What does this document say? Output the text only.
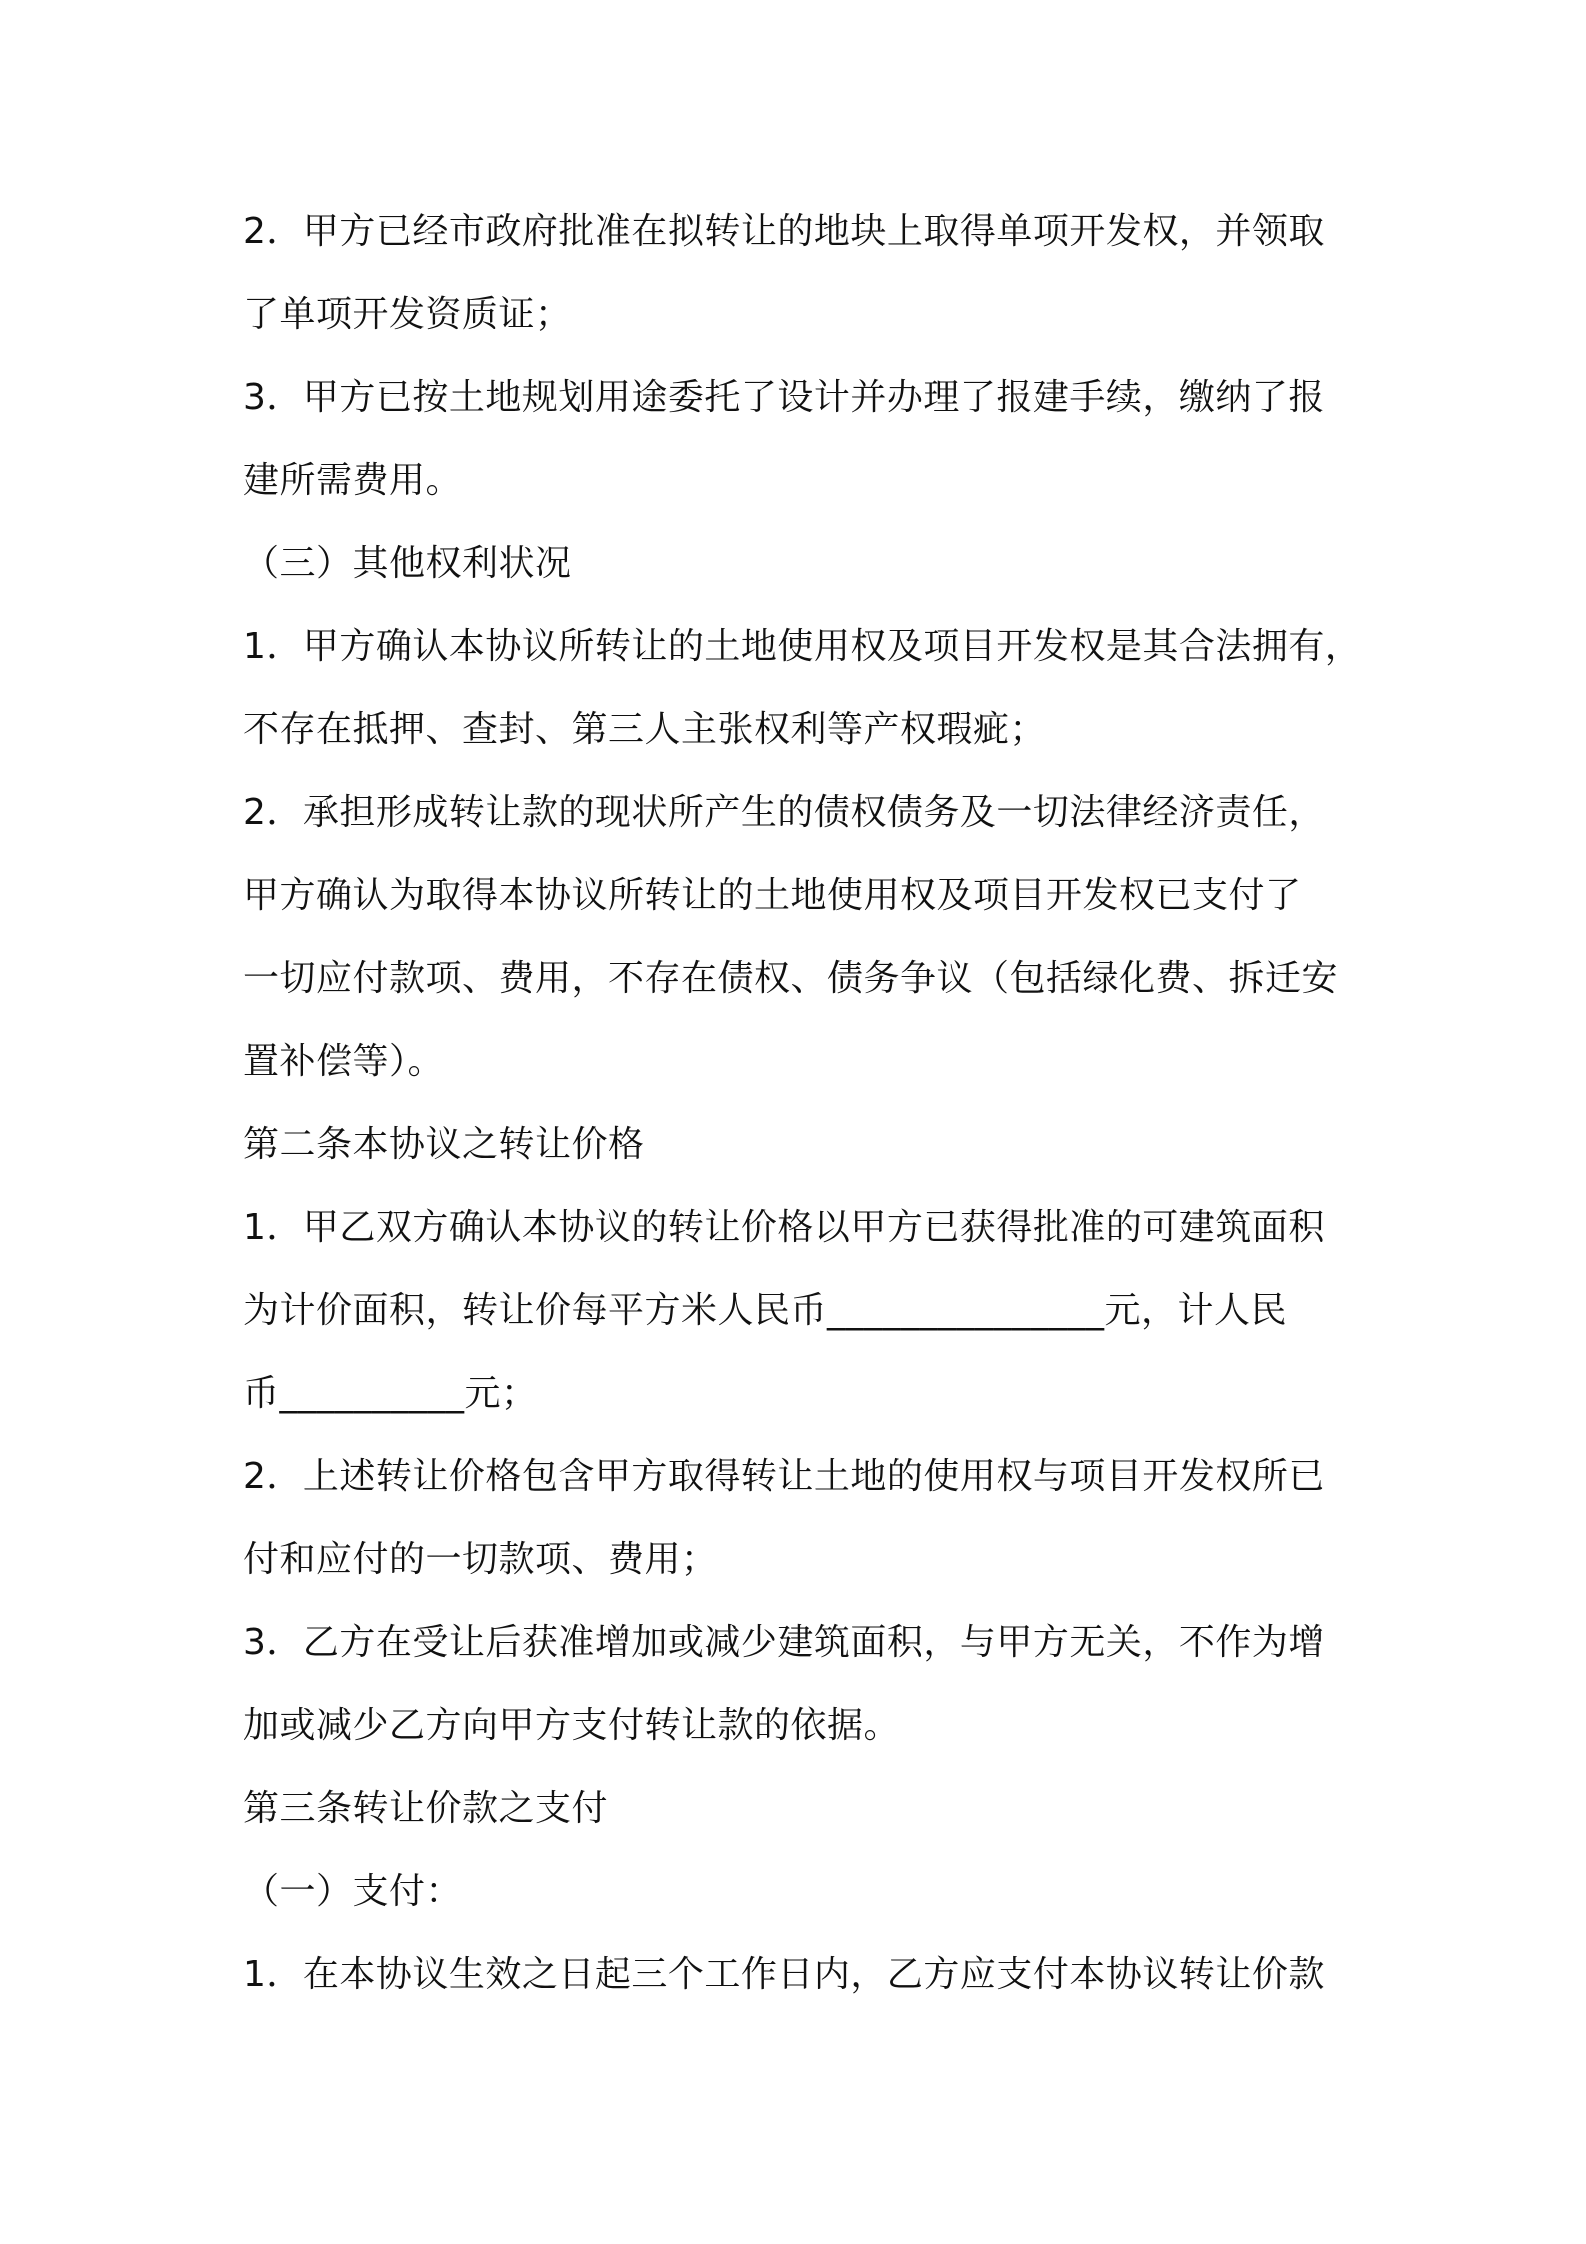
2．甲方已经市政府批准在拟转让的地块上取得单项开发权，并领取

了单项开发资质证；

3．甲方已按土地规划用途委托了设计并办理了报建手续，缴纳了报

建所需费用。

（三）其他权利状况

1．甲方确认本协议所转让的土地使用权及项目开发权是其合法拥有，

不存在抵押、查封、第三人主张权利等产权瑕疵；

2．承担形成转让款的现状所产生的债权债务及一切法律经济责任，

甲方确认为取得本协议所转让的土地使用权及项目开发权已支付了

一切应付款项、费用，不存在债权、债务争议（包括绿化费、拆迁安

置补偿等）。

第二条本协议之转让价格

1．甲乙双方确认本协议的转让价格以甲方已获得批准的可建筑面积

为计价面积，转让价每平方米人民币_______________元，计人民

币__________元；

2．上述转让价格包含甲方取得转让土地的使用权与项目开发权所已

付和应付的一切款项、费用；

3．乙方在受让后获准增加或减少建筑面积，与甲方无关，不作为增

加或减少乙方向甲方支付转让款的依据。

第三条转让价款之支付

（一）支付：

1．在本协议生效之日起三个工作日内，乙方应支付本协议转让价款
